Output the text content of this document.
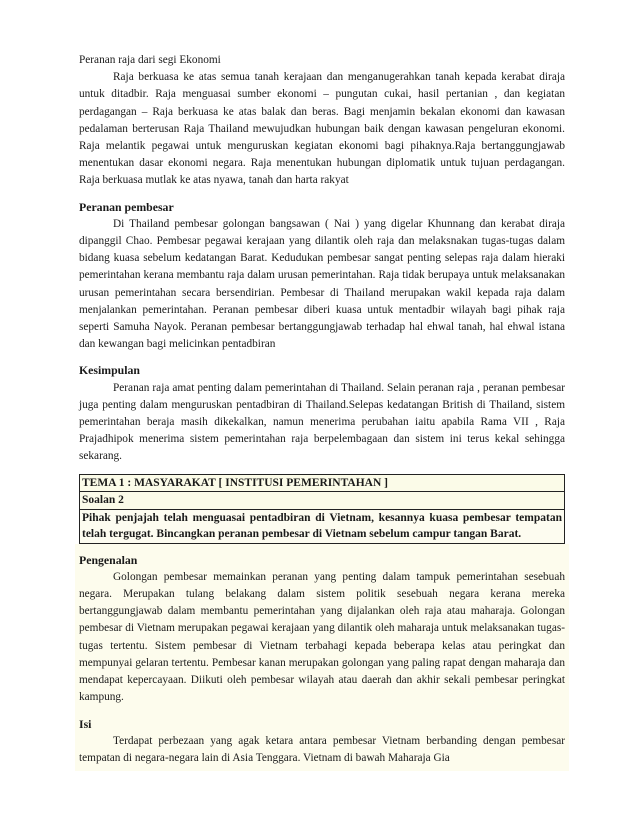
Peranan raja dari segi Ekonomi

Raja berkuasa ke atas semua tanah kerajaan dan menganugerahkan tanah kepada kerabat diraja untuk ditadbir. Raja menguasai sumber ekonomi – pungutan cukai, hasil pertanian , dan kegiatan perdagangan – Raja berkuasa ke atas balak dan beras. Bagi menjamin bekalan ekonomi dan kawasan pedalaman berterusan Raja Thailand mewujudkan hubungan baik dengan kawasan pengeluran ekonomi. Raja melantik pegawai untuk menguruskan kegiatan ekonomi bagi pihaknya.Raja bertanggungjawab menentukan dasar ekonomi negara. Raja menentukan hubungan diplomatik untuk tujuan perdagangan. Raja berkuasa mutlak ke atas nyawa, tanah dan harta rakyat

Peranan pembesar

Di Thailand pembesar golongan bangsawan ( Nai ) yang digelar Khunnang dan kerabat diraja dipanggil Chao. Pembesar pegawai kerajaan yang dilantik oleh raja dan melaksnakan tugas-tugas dalam bidang kuasa sebelum kedatangan Barat. Kedudukan pembesar sangat penting selepas raja dalam hieraki pemerintahan kerana membantu raja dalam urusan pemerintahan. Raja tidak berupaya untuk melaksanakan urusan pemerintahan secara bersendirian. Pembesar di Thailand merupakan wakil kepada raja dalam menjalankan pemerintahan. Peranan pembesar diberi kuasa untuk mentadbir wilayah bagi pihak raja seperti Samuha Nayok. Peranan pembesar bertanggungjawab terhadap hal ehwal tanah, hal ehwal istana dan kewangan bagi melicinkan pentadbiran

Kesimpulan

Peranan raja amat penting dalam pemerintahan di Thailand. Selain peranan raja , peranan pembesar juga penting dalam menguruskan pentadbiran di Thailand.Selepas kedatangan British di Thailand, sistem pemerintahan beraja masih dikekalkan, namun menerima perubahan iaitu apabila Rama VII , Raja Prajadhipok menerima sistem pemerintahan raja berpelembagaan dan sistem ini terus kekal sehingga sekarang.

TEMA 1 : MASYARAKAT [ INSTITUSI PEMERINTAHAN ]
Soalan 2
Pihak penjajah telah menguasai pentadbiran di Vietnam, kesannya kuasa pembesar tempatan telah tergugat. Bincangkan peranan pembesar di Vietnam sebelum campur tangan Barat.
Pengenalan

Golongan pembesar memainkan peranan yang penting dalam tampuk pemerintahan sesebuah negara. Merupakan tulang belakang dalam sistem politik sesebuah negara kerana mereka bertanggungjawab dalam membantu pemerintahan yang dijalankan oleh raja atau maharaja. Golongan pembesar di Vietnam merupakan pegawai kerajaan yang dilantik oleh maharaja untuk melaksanakan tugas-tugas tertentu. Sistem pembesar di Vietnam terbahagi kepada beberapa kelas atau peringkat dan mempunyai gelaran tertentu. Pembesar kanan merupakan golongan yang paling rapat dengan maharaja dan mendapat kepercayaan. Diikuti oleh pembesar wilayah atau daerah dan akhir sekali pembesar peringkat kampung.

Isi

Terdapat perbezaan yang agak ketara antara pembesar Vietnam berbanding dengan pembesar tempatan di negara-negara lain di Asia Tenggara. Vietnam di bawah Maharaja Gia
